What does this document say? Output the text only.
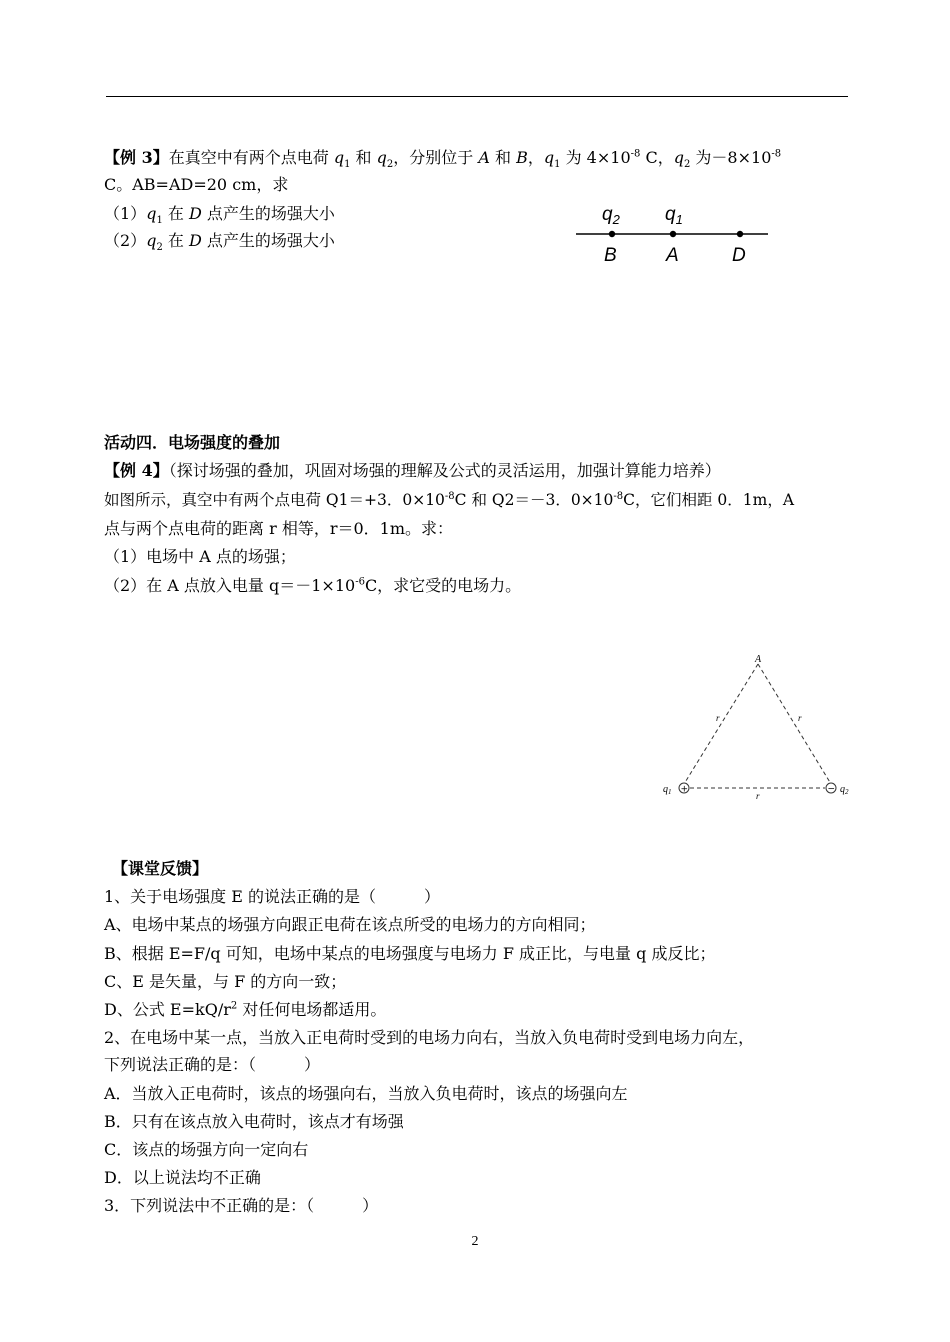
【例 3】在真空中有两个点电荷 $q_1$ 和 $q_2$，分别位于 A 和 B，$q_1$ 为 $4\times 10^{-8}$ C，$q_2$ 为$-8\times 10^{-8}$
C。AB=AD=20 cm，求
$(1)q_1$ 在 D 点产生的场强大小
$(2)q_2$ 在 D 点产生的场强大小
$q_2$ $q_1$
B	A	D
活动四．电场强度的叠加
【例 4】（探讨场强的叠加，巩固对场强的理解及公式的灵活运用，加强计算能力培养）
如图所示，真空中有两个点电荷 Q1＝+3．$0\times 10^{-8}C$ 和 Q2＝－3．$0\times 10^{-8}C$，它们相距 0．1m，A
点与两个点电荷的距离 r 相等，r＝0．1m。求：
（1）电场中 A 点的场强；
（2）在 A 点放入电量 $q=-1\times 10^{-6}C$，求它受的电场力。
A
r	r
r
+	−
$q_1$	$q_2$
【课堂反馈】
1、关于电场强度 E 的说法正确的是（　　　）
A、电场中某点的场强方向跟正电荷在该点所受的电场力的方向相同；
B、根据 E=F/q 可知，电场中某点的电场强度与电场力 F 成正比，与电量 q 成反比；
C、E 是矢量，与 F 的方向一致；
D、公式 $E=kQ/r^2$ 对任何电场都适用。
2、在电场中某一点，当放入正电荷时受到的电场力向右，当放入负电荷时受到电场力向左，
下列说法正确的是：（　　　）
A．当放入正电荷时，该点的场强向右，当放入负电荷时，该点的场强向左
B．只有在该点放入电荷时，该点才有场强
C．该点的场强方向一定向右
D．以上说法均不正确
3．下列说法中不正确的是：（　　　）
2
